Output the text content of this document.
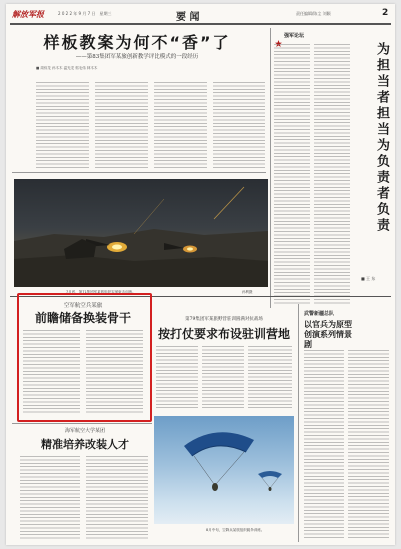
解放军报	2 0 2 2 年 9 月 7 日　星期三	要 闻	责任编辑/陈尘 刘颖	2
样板教案为何不“香”了
——第83集团军某旅创新教学评比模式的一段经历
■ 周伟龙 孙木木 温光龙 郭毛伟 林木木
7月底，第71集团军某旅组织实弹射击训练。	孙利摄
强军论坛
为担当者担当为负责者负责
■ 王 东
空军航空兵某旅
前瞻储备换装骨干	第79集团军某旅野营驻训圆满对抗战场
按打仗要求布设驻训营地
武警新疆总队
以官兵为原型创演系列情景剧
海军航空大学某团
精准培养改装人才
8月中旬，空降兵某旅组织跳伞训练。
